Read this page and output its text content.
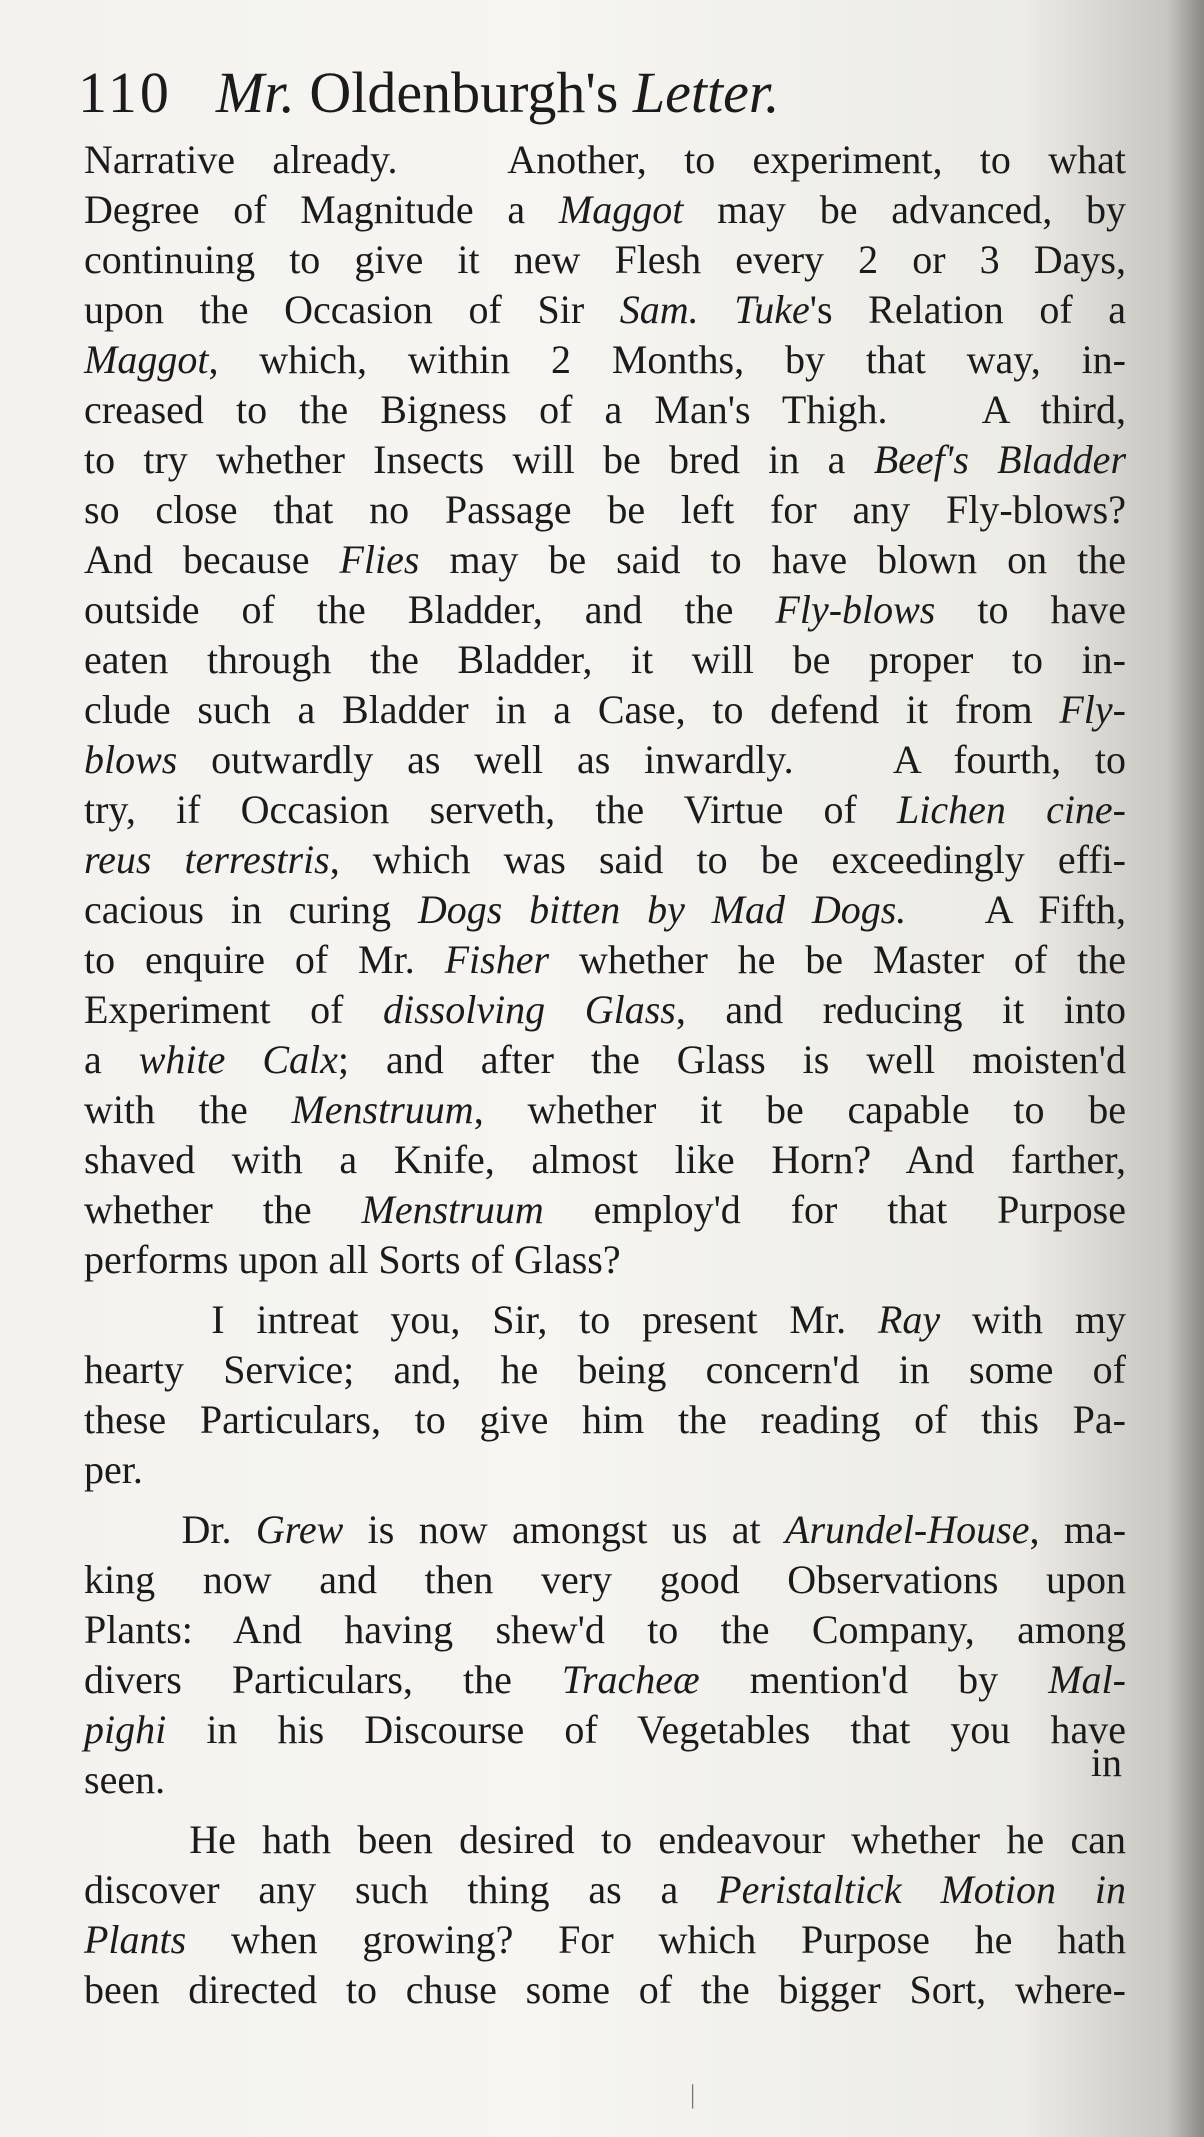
110 Mr. Oldenburgh's Letter.
Narrative already.   Another, to experiment, to what
Degree of Magnitude a Maggot may be advanced, by
continuing to give it new Flesh every 2 or 3 Days,
upon the Occasion of Sir Sam. Tuke's Relation of a
Maggot, which, within 2 Months, by that way, in-
creased to the Bigness of a Man's Thigh.   A third,
to try whether Insects will be bred in a Beef's Bladder
so close that no Passage be left for any Fly-blows?
And because Flies may be said to have blown on the
outside of the Bladder, and the Fly-blows to have
eaten through the Bladder, it will be proper to in-
clude such a Bladder in a Case, to defend it from Fly-
blows outwardly as well as inwardly.   A fourth, to
try, if Occasion serveth, the Virtue of Lichen cine-
reus terrestris, which was said to be exceedingly effi-
cacious in curing Dogs bitten by Mad Dogs.   A Fifth,
to enquire of Mr. Fisher whether he be Master of the
Experiment of dissolving Glass, and reducing it into
a white Calx; and after the Glass is well moisten'd
with the Menstruum, whether it be capable to be
shaved with a Knife, almost like Horn? And farther,
whether the Menstruum employ'd for that Purpose
performs upon all Sorts of Glass?
I intreat you, Sir, to present Mr. Ray with my
hearty Service; and, he being concern'd in some of
these Particulars, to give him the reading of this Pa-
per.
Dr. Grew is now amongst us at Arundel-House, ma-
king now and then very good Observations upon
Plants: And having shew'd to the Company, among
divers Particulars, the Tracheæ mention'd by Mal-
pighi in his Discourse of Vegetables that you have
seen.
He hath been desired to endeavour whether he can
discover any such thing as a Peristaltick Motion in
Plants when growing? For which Purpose he hath
been directed to chuse some of the bigger Sort, where-
in
|
